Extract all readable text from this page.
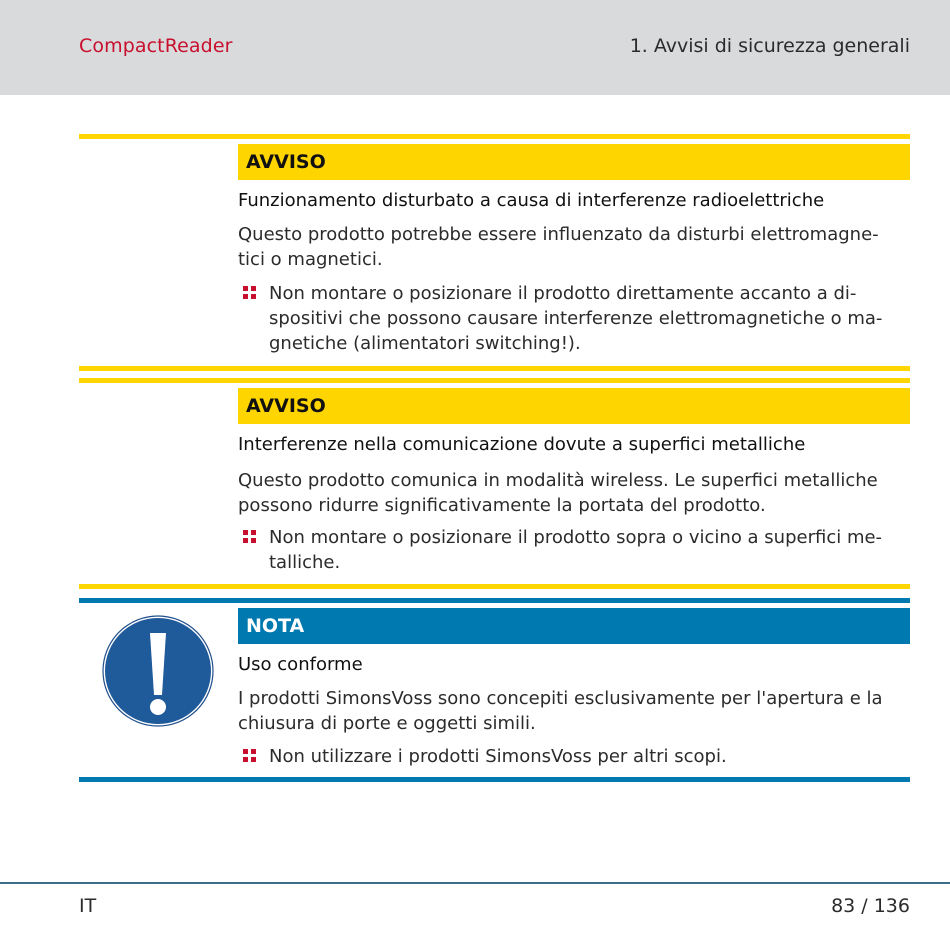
CompactReader	1. Avvisi di sicurezza generali
AVVISO
Funzionamento disturbato a causa di interferenze radioelettriche
Questo prodotto potrebbe essere influenzato da disturbi elettromagne-
tici o magnetici.
Non montare o posizionare il prodotto direttamente accanto a di-
spositivi che possono causare interferenze elettromagnetiche o ma-
gnetiche (alimentatori switching!).
AVVISO
Interferenze nella comunicazione dovute a superfici metalliche
Questo prodotto comunica in modalità wireless. Le superfici metalliche
possono ridurre significativamente la portata del prodotto.
Non montare o posizionare il prodotto sopra o vicino a superfici me-
talliche.
NOTA
Uso conforme
I prodotti SimonsVoss sono concepiti esclusivamente per l'apertura e la
chiusura di porte e oggetti simili.
Non utilizzare i prodotti SimonsVoss per altri scopi.
IT	83 / 136
